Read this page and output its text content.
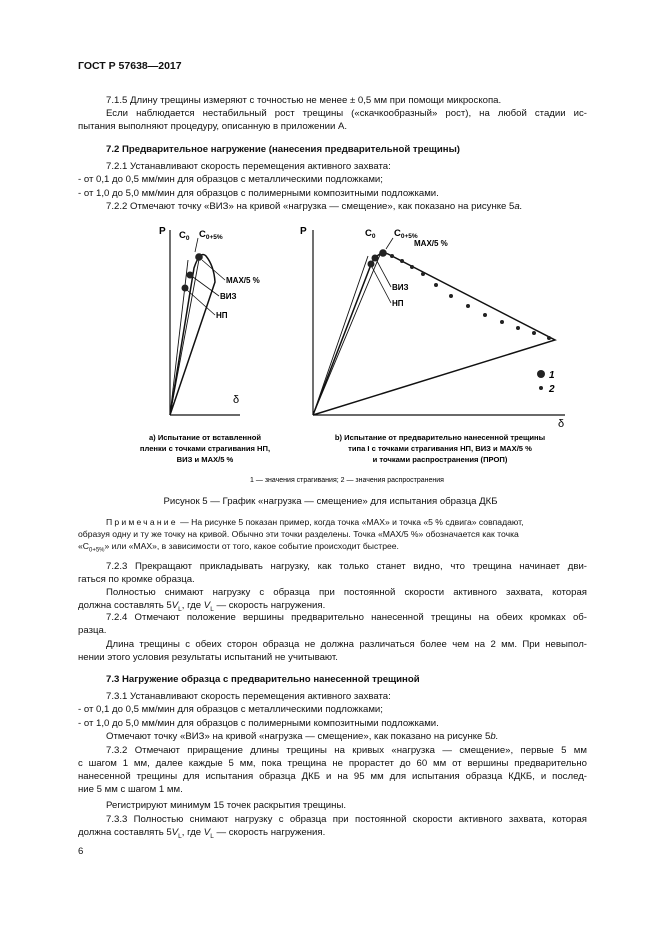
ГОСТ Р 57638—2017
7.1.5 Длину трещины измеряют с точностью не менее ± 0,5 мм при помощи микроскопа.
Если наблюдается нестабильный рост трещины («скачкообразный» рост), на любой стадии ис-
пытания выполняют процедуру, описанную в приложении А.
7.2 Предварительное нагружение (нанесения предварительной трещины)
7.2.1 Устанавливают скорость перемещения активного захвата:
- от 0,1 до 0,5 мм/мин для образцов с металлическими подложками;
- от 1,0 до 5,0 мм/мин для образцов с полимерными композитными подложками.
7.2.2 Отмечают точку «ВИЗ» на кривой «нагрузка — смещение», как показано на рисунке 5а.
P
δ
$C_0$ $C_{0+5\%}$
МАХ/5 %
ВИЗ
НП
а) Испытание от вставленной
пленки с точками страгивания НП,
ВИЗ и МАХ/5 %
P
δ
$C_0$ $C_{0+5\%}$
МАХ/5 %
ВИЗ
НП
1
2
b) Испытание от предварительно нанесенной трещины
типа I с точками страгивания НП, ВИЗ и МАХ/5 %
и точками распространения (ПРОП)
1 — значения страгивания; 2 — значения распространения
Рисунок 5 — График «нагрузка — смещение» для испытания образца ДКБ
Примечание — На рисунке 5 показан пример, когда точка «МАХ» и точка «5 % сдвига» совпадают,
образуя одну и ту же точку на кривой. Обычно эти точки разделены. Точка «МАХ/5 %» обозначается как точка
«$С_{0+5\%}$» или «МАХ», в зависимости от того, какое событие происходит быстрее.
7.2.3 Прекращают прикладывать нагрузку, как только станет видно, что трещина начинает дви-
гаться по кромке образца.
Полностью снимают нагрузку с образца при постоянной скорости активного захвата, которая
должна составлять $5V_L$, где $V_L$ — скорость нагружения.
7.2.4 Отмечают положение вершины предварительно нанесенной трещины на обеих кромках об-
разца.
Длина трещины с обеих сторон образца не должна различаться более чем на 2 мм. При невыпол-
нении этого условия результаты испытаний не учитывают.
7.3 Нагружение образца с предварительно нанесенной трещиной
7.3.1 Устанавливают скорость перемещения активного захвата:
- от 0,1 до 0,5 мм/мин для образцов с металлическими подложками;
- от 1,0 до 5,0 мм/мин для образцов с полимерными композитными подложками.
Отмечают точку «ВИЗ» на кривой «нагрузка — смещение», как показано на рисунке 5b.
7.3.2 Отмечают приращение длины трещины на кривых «нагрузка — смещение», первые 5 мм
с шагом 1 мм, далее каждые 5 мм, пока трещина не прорастет до 60 мм от вершины предварительно
нанесенной трещины для испытания образца ДКБ и на 95 мм для испытания образца КДКБ, и послед-
ние 5 мм с шагом 1 мм.
Регистрируют минимум 15 точек раскрытия трещины.
7.3.3 Полностью снимают нагрузку с образца при постоянной скорости активного захвата, которая
должна составлять $5V_L$, где $V_L$ — скорость нагружения.
6
